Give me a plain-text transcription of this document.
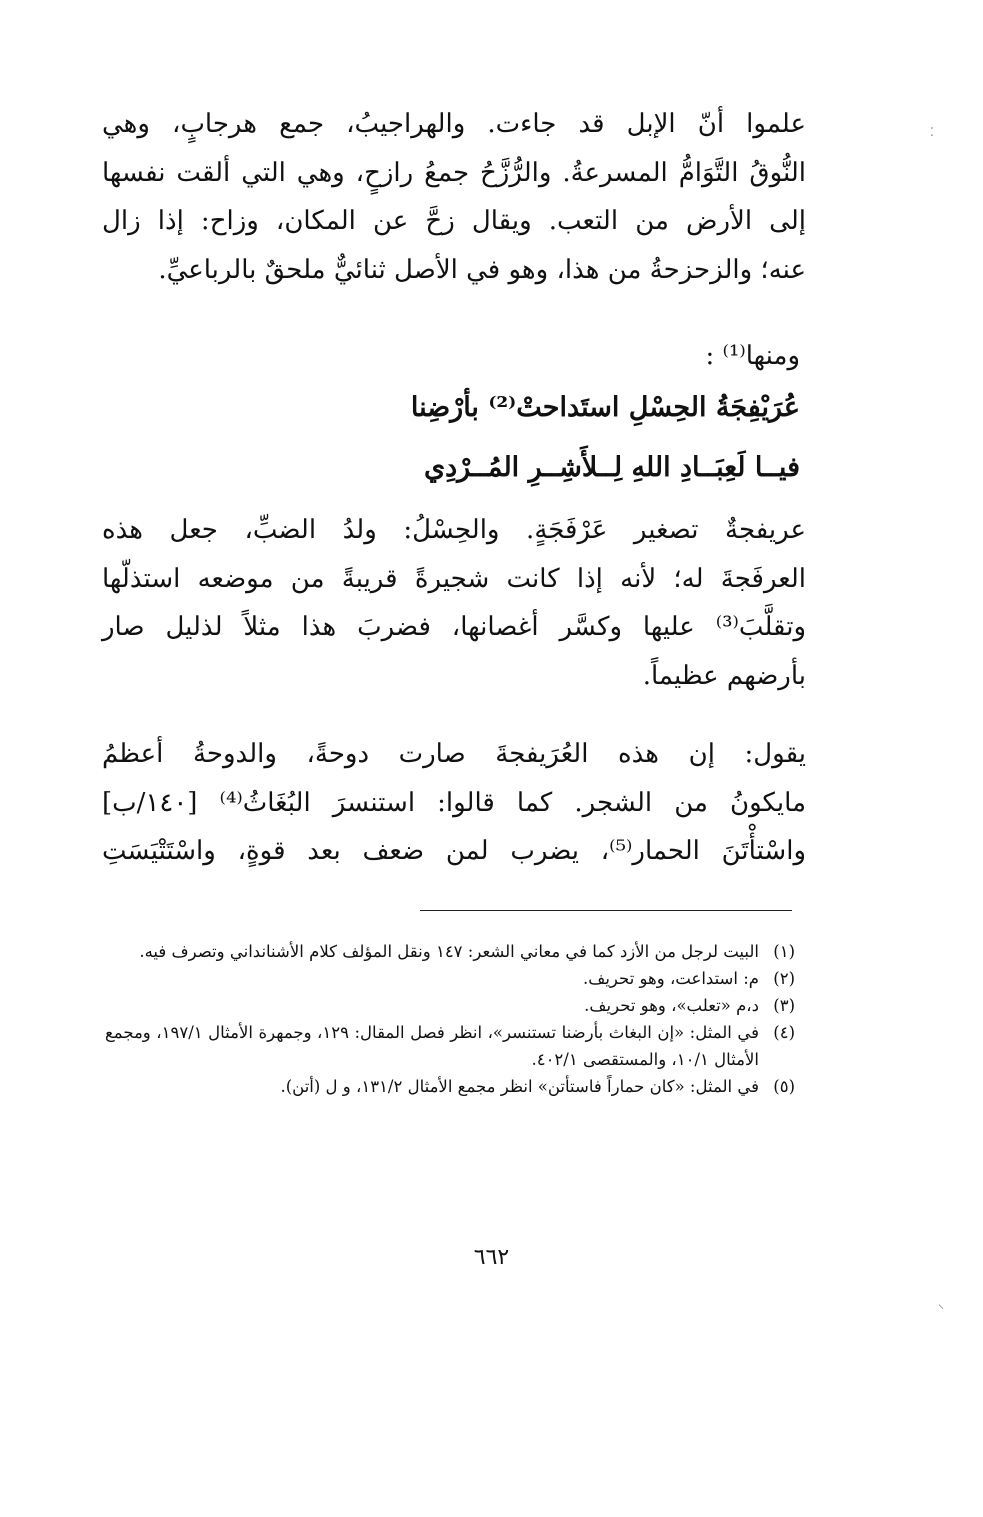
علموا أنّ الإبل قد جاءت. والهراجيبُ، جمع هرجابٍ، وهي
النُّوقُ التَّوَامُّ المسرعةُ. والرُّزَّحُ جمعُ رازحٍ، وهي التي ألقت نفسها
إلى الأرض من التعب. ويقال زحَّ عن المكان، وزاح: إذا زال
عنه؛ والزحزحةُ من هذا، وهو في الأصل ثنائيٌّ ملحقٌ بالرباعيِّ.
ومنها⁽¹⁾ :
عُرَيْفِجَةُ الحِسْلِ استَداحتْ⁽²⁾ بأرْضِنا
فيــا لَعِبَــادِ اللهِ لِــلأَشِــرِ المُــرْدِي
عريفجةٌ تصغير عَرْفَجَةٍ. والحِسْلُ: ولدُ الضبِّ، جعل هذه
العرفَجةَ له؛ لأنه إذا كانت شجيرةً قريبةً من موضعه استذلّها
وتقلَّبَ⁽³⁾ عليها وكسَّر أغصانها، فضربَ هذا مثلاً لذليل صار
بأرضهم عظيماً.
يقول: إن هذه العُرَيفجةَ صارت دوحةً، والدوحةُ أعظمُ
مايكونُ من الشجر. كما قالوا: استنسرَ البُغَاثُ⁽⁴⁾ [١٤٠/ب]
واسْتأْتَنَ الحمار⁽⁵⁾، يضرب لمن ضعف بعد قوةٍ، واسْتَتْيَسَتِ
(١)
البيت لرجل من الأزد كما في معاني الشعر: ١٤٧ ونقل المؤلف كلام الأشنانداني وتصرف فيه.
(٢)
م: استداعت، وهو تحريف.
(٣)
د،م «تعلب»، وهو تحريف.
(٤)
في المثل: «إن البغاث بأرضنا تستنسر»، انظر فصل المقال: ١٢٩، وجمهرة الأمثال ١٩٧/١، ومجمع الأمثال ١٠/١، والمستقصى ٤٠٢/١.
(٥)
في المثل: «كان حماراً فاستأتن» انظر مجمع الأمثال ١٣١/٢، و ل (أتن).
٦٦٢
⁚
⸌
